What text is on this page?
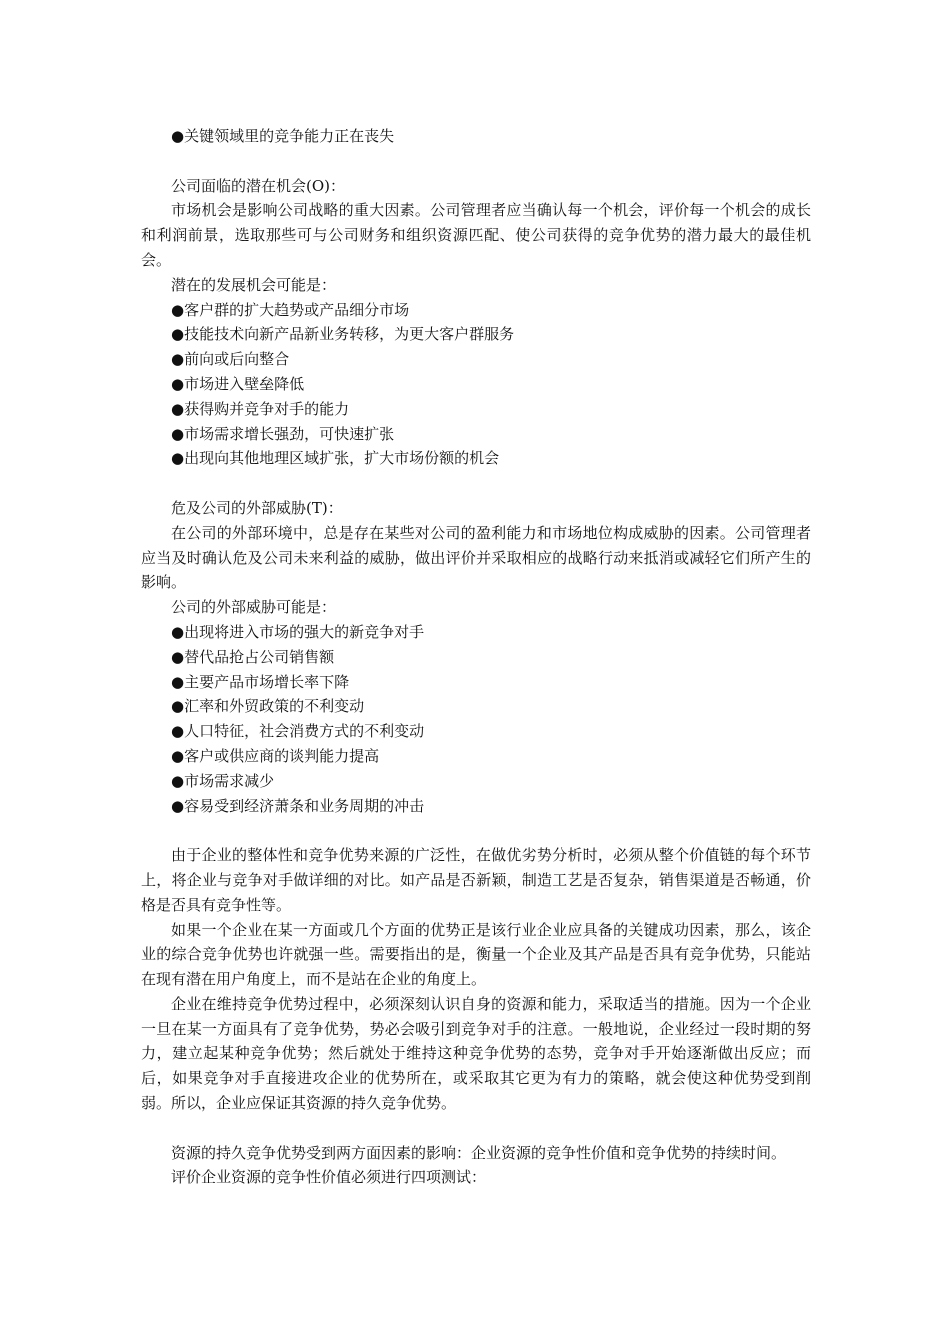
●关键领域里的竞争能力正在丧失
公司面临的潜在机会(O)：
市场机会是影响公司战略的重大因素。公司管理者应当确认每一个机会，评价每一个机会的成长和利润前景，选取那些可与公司财务和组织资源匹配、使公司获得的竞争优势的潜力最大的最佳机会。
潜在的发展机会可能是：
●客户群的扩大趋势或产品细分市场
●技能技术向新产品新业务转移，为更大客户群服务
●前向或后向整合
●市场进入壁垒降低
●获得购并竞争对手的能力
●市场需求增长强劲，可快速扩张
●出现向其他地理区域扩张，扩大市场份额的机会
危及公司的外部威胁(T)：
在公司的外部环境中，总是存在某些对公司的盈利能力和市场地位构成威胁的因素。公司管理者应当及时确认危及公司未来利益的威胁，做出评价并采取相应的战略行动来抵消或减轻它们所产生的影响。
公司的外部威胁可能是：
●出现将进入市场的强大的新竞争对手
●替代品抢占公司销售额
●主要产品市场增长率下降
●汇率和外贸政策的不利变动
●人口特征，社会消费方式的不利变动
●客户或供应商的谈判能力提高
●市场需求减少
●容易受到经济萧条和业务周期的冲击
由于企业的整体性和竞争优势来源的广泛性，在做优劣势分析时，必须从整个价值链的每个环节上，将企业与竞争对手做详细的对比。如产品是否新颖，制造工艺是否复杂，销售渠道是否畅通，价格是否具有竞争性等。
如果一个企业在某一方面或几个方面的优势正是该行业企业应具备的关键成功因素，那么，该企业的综合竞争优势也许就强一些。需要指出的是，衡量一个企业及其产品是否具有竞争优势，只能站在现有潜在用户角度上，而不是站在企业的角度上。
企业在维持竞争优势过程中，必须深刻认识自身的资源和能力，采取适当的措施。因为一个企业一旦在某一方面具有了竞争优势，势必会吸引到竞争对手的注意。一般地说，企业经过一段时期的努力，建立起某种竞争优势；然后就处于维持这种竞争优势的态势，竞争对手开始逐渐做出反应；而后，如果竞争对手直接进攻企业的优势所在，或采取其它更为有力的策略，就会使这种优势受到削弱。所以，企业应保证其资源的持久竞争优势。
资源的持久竞争优势受到两方面因素的影响：企业资源的竞争性价值和竞争优势的持续时间。
评价企业资源的竞争性价值必须进行四项测试：
